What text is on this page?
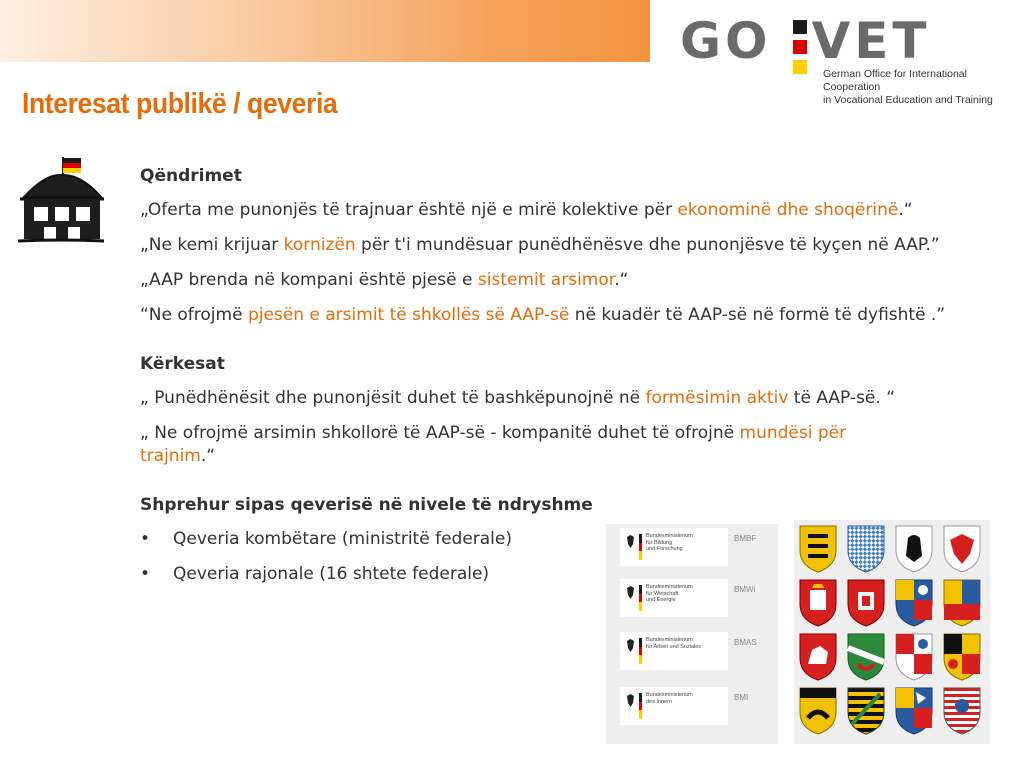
GO VET
German Office for International Cooperation
in Vocational Education and Training
Interesat publikë / qeveria

Qëndrimet

„Oferta me punonjës të trajnuar është një e mirë kolektive për ekonominë dhe shoqërinë.“

„Ne kemi krijuar kornizën për t'i mundësuar punëdhënësve dhe punonjësve të kyçen në AAP.”

„AAP brenda në kompani është pjesë e sistemit arsimor.“

“Ne ofrojmë pjesën e arsimit të shkollës së AAP-së në kuadër të AAP-së në formë të dyfishtë .”

Kërkesat

„ Punëdhënësit dhe punonjësit duhet të bashkëpunojnë në formësimin aktiv të AAP-së. “

„ Ne ofrojmë arsimin shkollorë të AAP-së - kompanitë duhet të ofrojnë mundësi për trajnim.“

Shprehur sipas qeverisë në nivele të ndryshme

• Qeveria kombëtare (ministritë federale)
• Qeveria rajonale (16 shtete federale)
Bundesministerium
für Bildung
und Forschung
BMBF
Bundesministerium
für Wirtschaft
und Energie
BMWi
Bundesministerium
für Arbeit und Soziales	BMAS
Bundesministerium
des Innern	BMI
